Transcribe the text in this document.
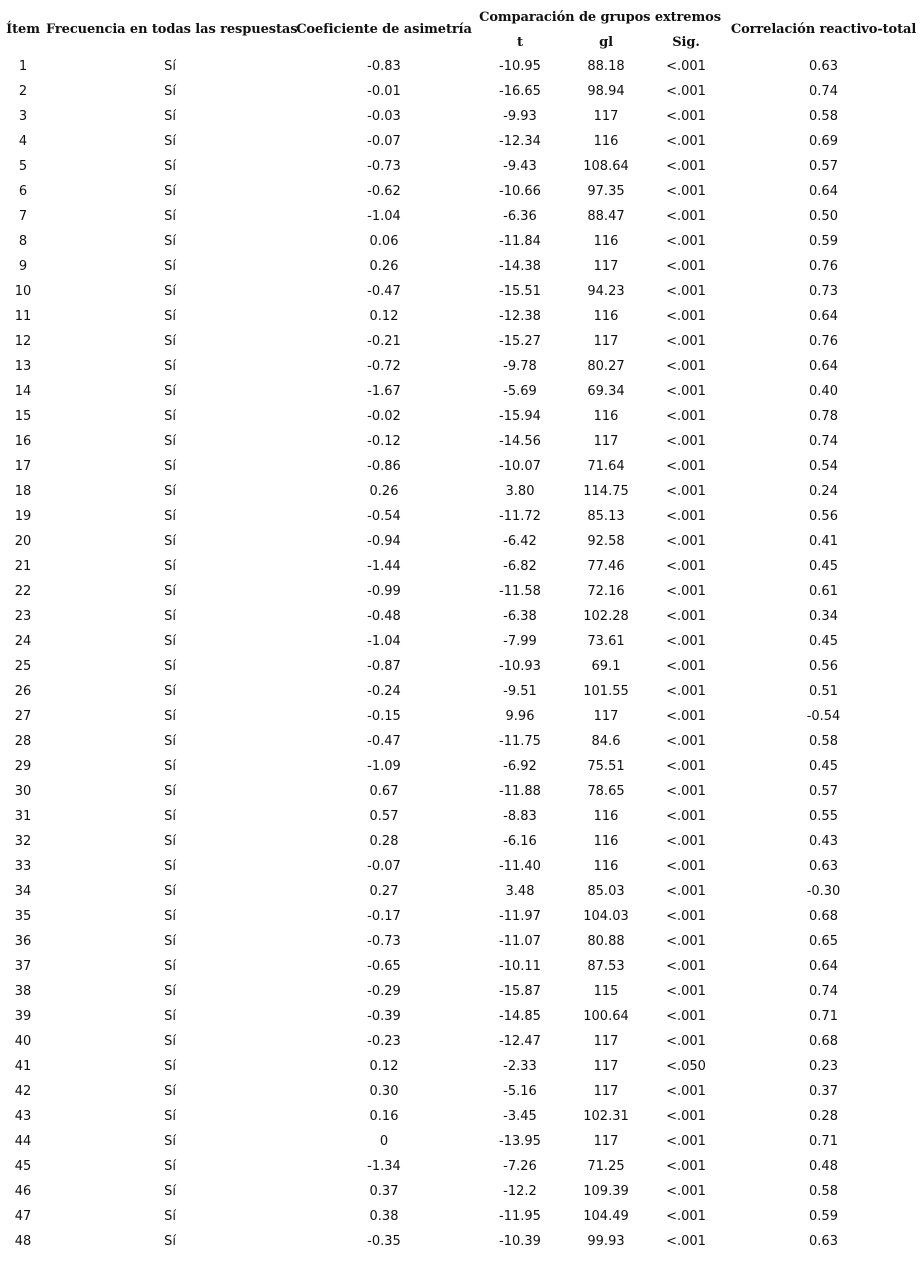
Ítem	Frecuencia en todas las respuestas	Coeficiente de asimetría	Comparación de grupos extremos			Correlación reactivo-total
			t	gl	Sig.	
1	Sí	-0.83	-10.95	88.18	<.001	0.63
2	Sí	-0.01	-16.65	98.94	<.001	0.74
3	Sí	-0.03	-9.93	117	<.001	0.58
4	Sí	-0.07	-12.34	116	<.001	0.69
5	Sí	-0.73	-9.43	108.64	<.001	0.57
6	Sí	-0.62	-10.66	97.35	<.001	0.64
7	Sí	-1.04	-6.36	88.47	<.001	0.50
8	Sí	0.06	-11.84	116	<.001	0.59
9	Sí	0.26	-14.38	117	<.001	0.76
10	Sí	-0.47	-15.51	94.23	<.001	0.73
11	Sí	0.12	-12.38	116	<.001	0.64
12	Sí	-0.21	-15.27	117	<.001	0.76
13	Sí	-0.72	-9.78	80.27	<.001	0.64
14	Sí	-1.67	-5.69	69.34	<.001	0.40
15	Sí	-0.02	-15.94	116	<.001	0.78
16	Sí	-0.12	-14.56	117	<.001	0.74
17	Sí	-0.86	-10.07	71.64	<.001	0.54
18	Sí	0.26	3.80	114.75	<.001	0.24
19	Sí	-0.54	-11.72	85.13	<.001	0.56
20	Sí	-0.94	-6.42	92.58	<.001	0.41
21	Sí	-1.44	-6.82	77.46	<.001	0.45
22	Sí	-0.99	-11.58	72.16	<.001	0.61
23	Sí	-0.48	-6.38	102.28	<.001	0.34
24	Sí	-1.04	-7.99	73.61	<.001	0.45
25	Sí	-0.87	-10.93	69.1	<.001	0.56
26	Sí	-0.24	-9.51	101.55	<.001	0.51
27	Sí	-0.15	9.96	117	<.001	-0.54
28	Sí	-0.47	-11.75	84.6	<.001	0.58
29	Sí	-1.09	-6.92	75.51	<.001	0.45
30	Sí	0.67	-11.88	78.65	<.001	0.57
31	Sí	0.57	-8.83	116	<.001	0.55
32	Sí	0.28	-6.16	116	<.001	0.43
33	Sí	-0.07	-11.40	116	<.001	0.63
34	Sí	0.27	3.48	85.03	<.001	-0.30
35	Sí	-0.17	-11.97	104.03	<.001	0.68
36	Sí	-0.73	-11.07	80.88	<.001	0.65
37	Sí	-0.65	-10.11	87.53	<.001	0.64
38	Sí	-0.29	-15.87	115	<.001	0.74
39	Sí	-0.39	-14.85	100.64	<.001	0.71
40	Sí	-0.23	-12.47	117	<.001	0.68
41	Sí	0.12	-2.33	117	<.050	0.23
42	Sí	0.30	-5.16	117	<.001	0.37
43	Sí	0.16	-3.45	102.31	<.001	0.28
44	Sí	0	-13.95	117	<.001	0.71
45	Sí	-1.34	-7.26	71.25	<.001	0.48
46	Sí	0.37	-12.2	109.39	<.001	0.58
47	Sí	0.38	-11.95	104.49	<.001	0.59
48	Sí	-0.35	-10.39	99.93	<.001	0.63
